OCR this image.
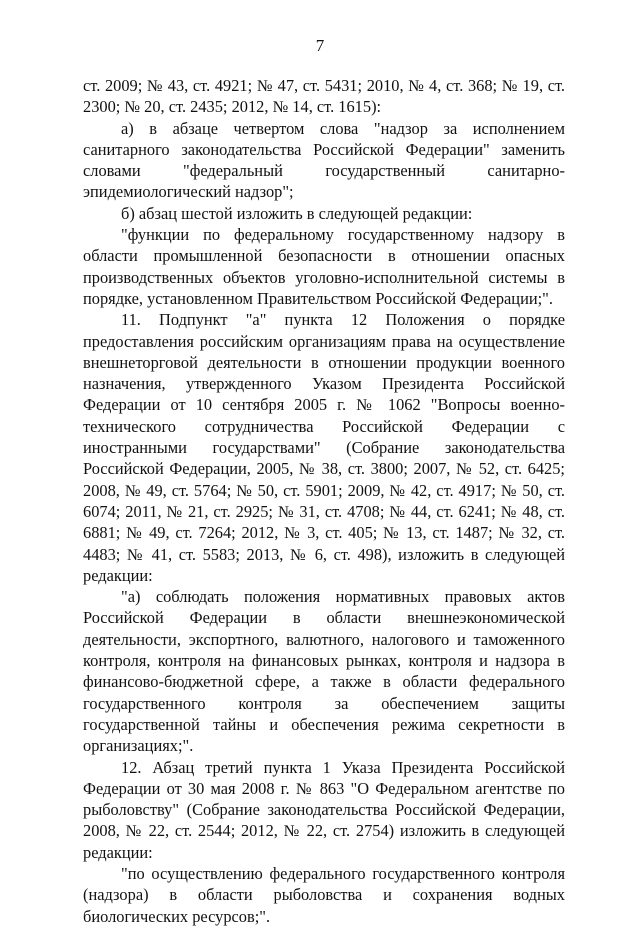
7

ст. 2009; № 43, ст. 4921; № 47, ст. 5431; 2010, № 4, ст. 368; № 19, ст. 2300; № 20, ст. 2435; 2012, № 14, ст. 1615):

а) в абзаце четвертом слова "надзор за исполнением санитарного законодательства Российской Федерации" заменить словами "федеральный государственный санитарно-эпидемиологический надзор";

б) абзац шестой изложить в следующей редакции:

"функции по федеральному государственному надзору в области промышленной безопасности в отношении опасных производственных объектов уголовно-исполнительной системы в порядке, установленном Правительством Российской Федерации;".

11. Подпункт "а" пункта 12 Положения о порядке предоставления российским организациям права на осуществление внешнеторговой деятельности в отношении продукции военного назначения, утвержденного Указом Президента Российской Федерации от 10 сентября 2005 г. № 1062 "Вопросы военно-технического сотрудничества Российской Федерации с иностранными государствами" (Собрание законодательства Российской Федерации, 2005, № 38, ст. 3800; 2007, № 52, ст. 6425; 2008, № 49, ст. 5764; № 50, ст. 5901; 2009, № 42, ст. 4917; № 50, ст. 6074; 2011, № 21, ст. 2925; № 31, ст. 4708; № 44, ст. 6241; № 48, ст. 6881; № 49, ст. 7264; 2012, № 3, ст. 405; № 13, ст. 1487; № 32, ст. 4483; № 41, ст. 5583; 2013, № 6, ст. 498), изложить в следующей редакции:

"а) соблюдать положения нормативных правовых актов Российской Федерации в области внешнеэкономической деятельности, экспортного, валютного, налогового и таможенного контроля, контроля на финансовых рынках, контроля и надзора в финансово-бюджетной сфере, а также в области федерального государственного контроля за обеспечением защиты государственной тайны и обеспечения режима секретности в организациях;".

12. Абзац третий пункта 1 Указа Президента Российской Федерации от 30 мая 2008 г. № 863 "О Федеральном агентстве по рыболовству" (Собрание законодательства Российской Федерации, 2008, № 22, ст. 2544; 2012, № 22, ст. 2754) изложить в следующей редакции:

"по осуществлению федерального государственного контроля (надзора) в области рыболовства и сохранения водных биологических ресурсов;".
